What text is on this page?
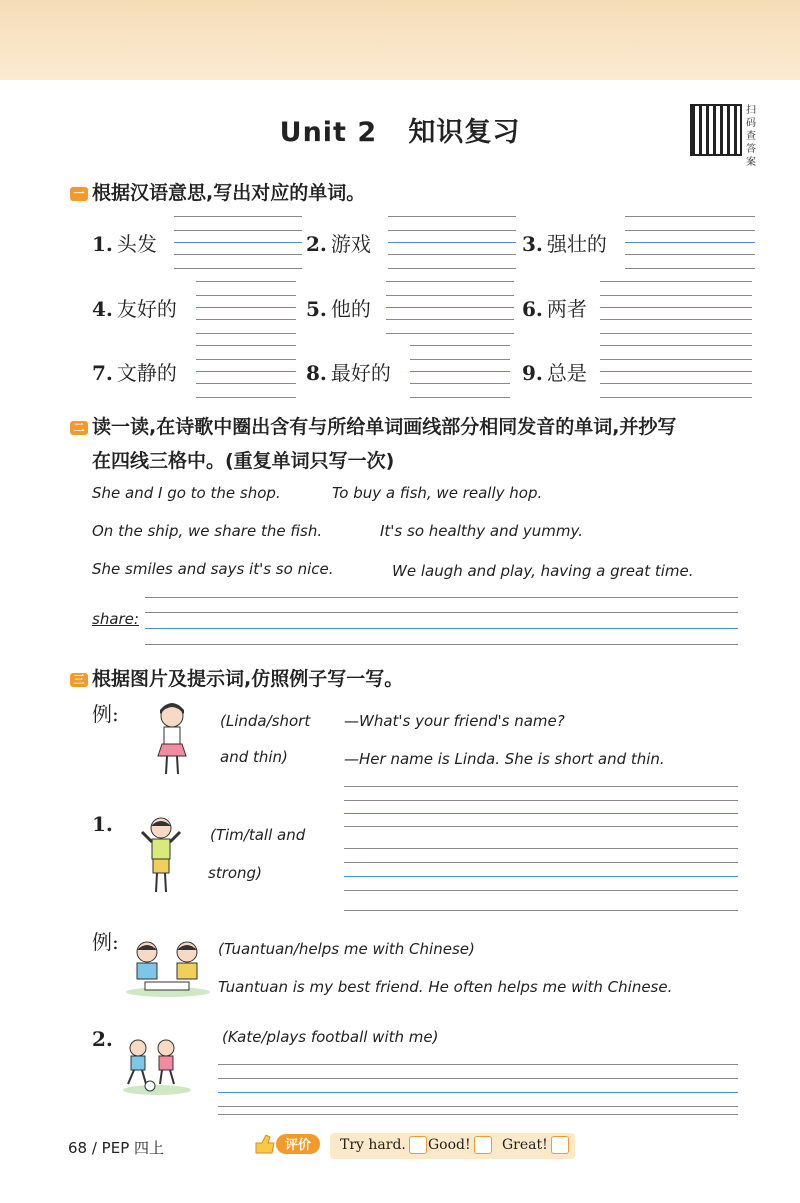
Unit 2   知识复习
扫码查答案
一 根据汉语意思,写出对应的单词。
1. 头发	2. 游戏	3. 强壮的
4. 友好的	5. 他的	6. 两者
7. 文静的	8. 最好的	9. 总是
二 读一读,在诗歌中圈出含有与所给单词画线部分相同发音的单词,并抄写
在四线三格中。(重复单词只写一次)
She and I go to the shop.	To buy a fish, we really hop.
On the ship, we share the fish.	It's so healthy and yummy.
She smiles and says it's so nice.	We laugh and play, having a great time.
share:
三 根据图片及提示词,仿照例子写一写。
例:	(Linda/short
and thin)
—What's your friend's name?
—Her name is Linda. She is short and thin.
1.	(Tim/tall and
strong)
例:	(Tuantuan/helps me with Chinese)
Tuantuan is my best friend. He often helps me with Chinese.
2.	(Kate/plays football with me)
68 / PEP 四上	评价 Try hard.	Good!	Great!
